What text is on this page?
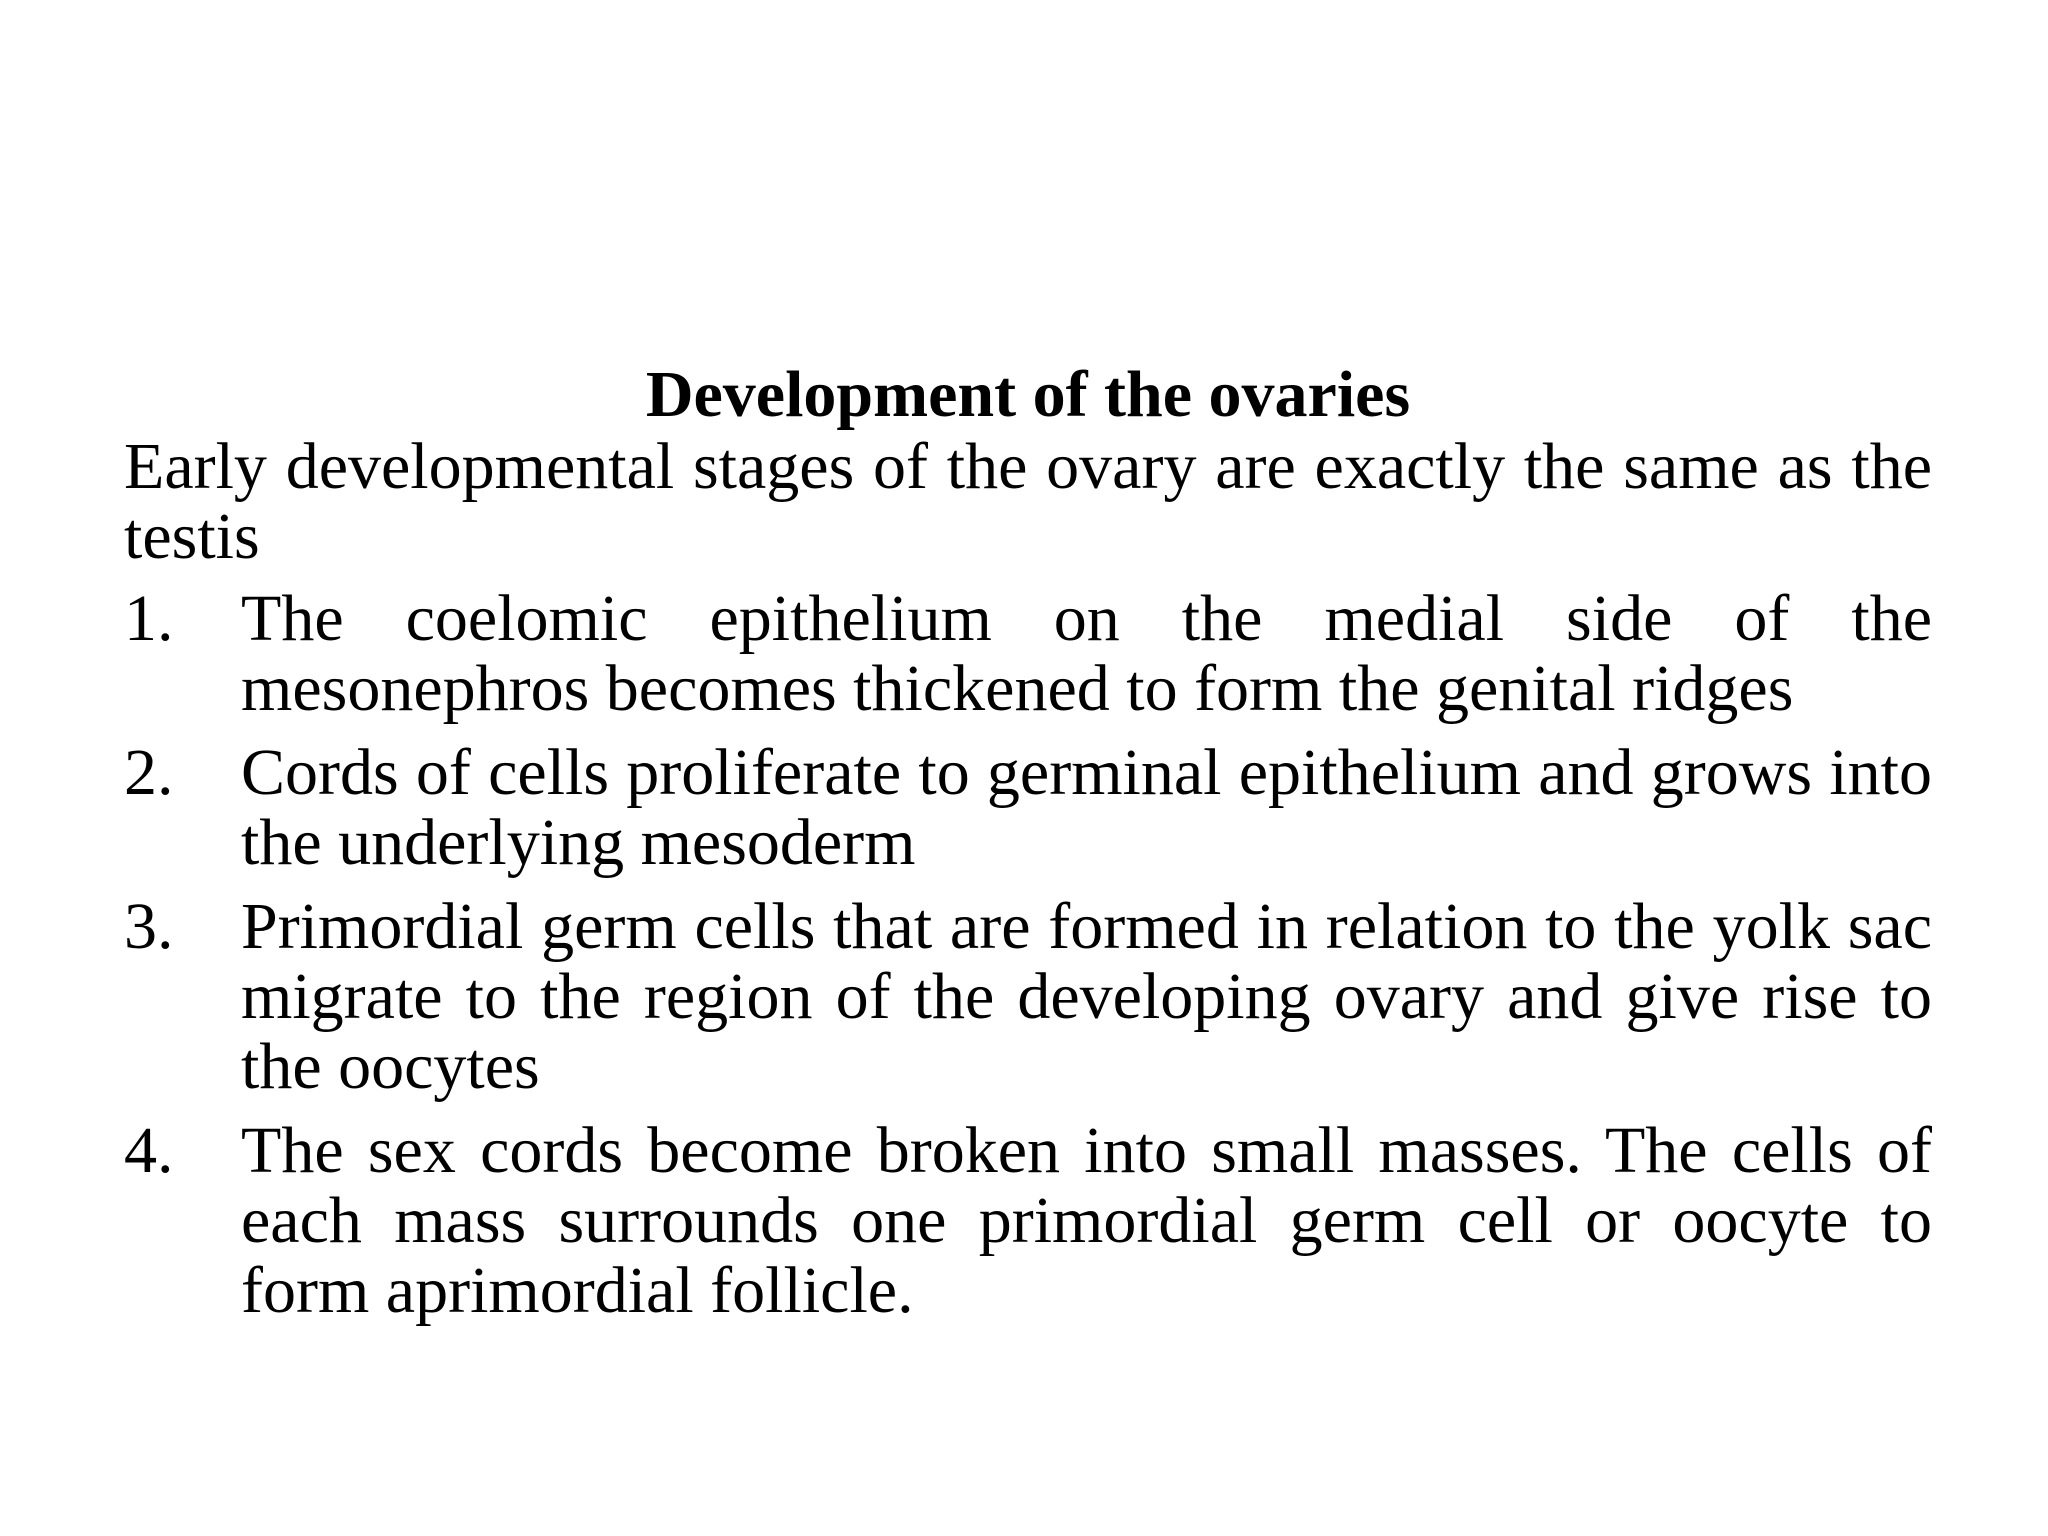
Development of the ovaries

Early developmental stages of the ovary are exactly the same as the testis

1. The coelomic epithelium on the medial side of the mesonephros becomes thickened to form the genital ridges
2. Cords of cells proliferate to germinal epithelium and grows into the underlying mesoderm
3. Primordial germ cells that are formed in relation to the yolk sac migrate to the region of the developing ovary and give rise to the oocytes
4. The sex cords become broken into small masses. The cells of each mass surrounds one primordial germ cell or oocyte to form aprimordial follicle.
